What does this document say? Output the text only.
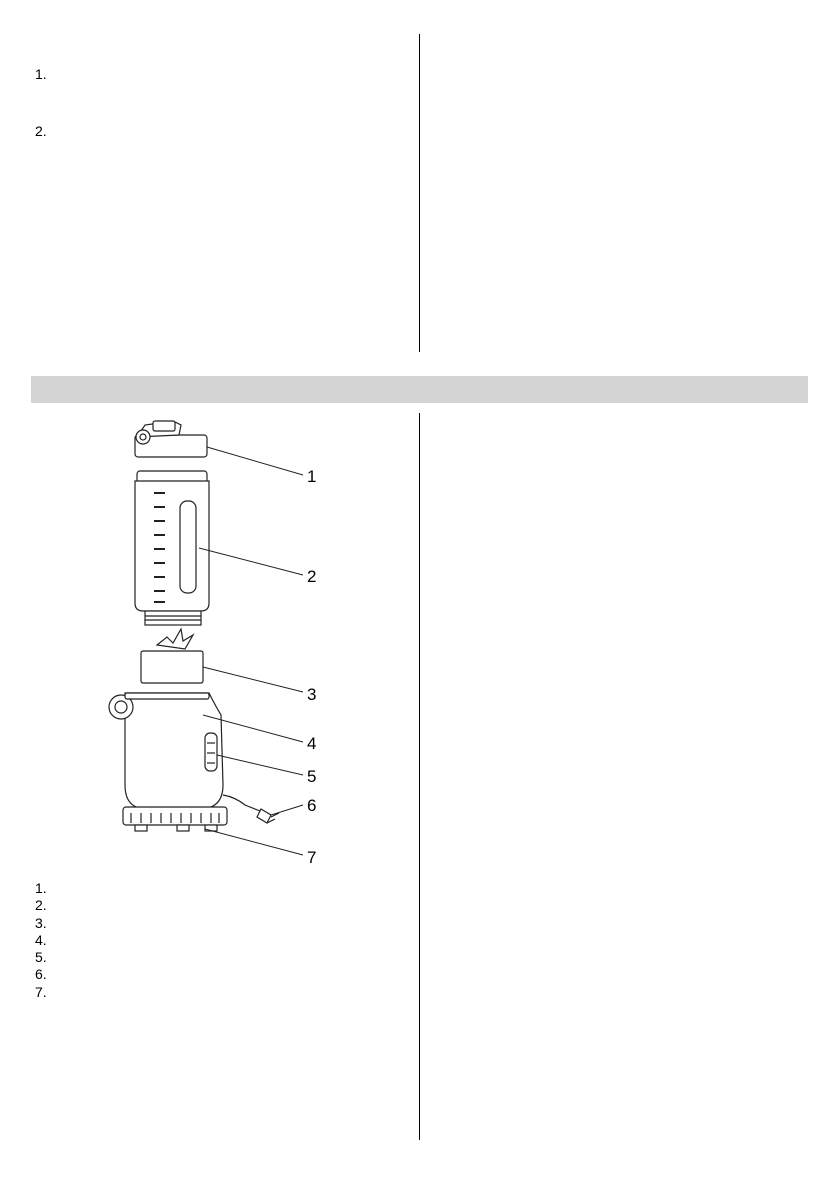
1.
2.
1
2
3
4
5
6
7
1.
2.
3.
4.
5.
6.
7.
